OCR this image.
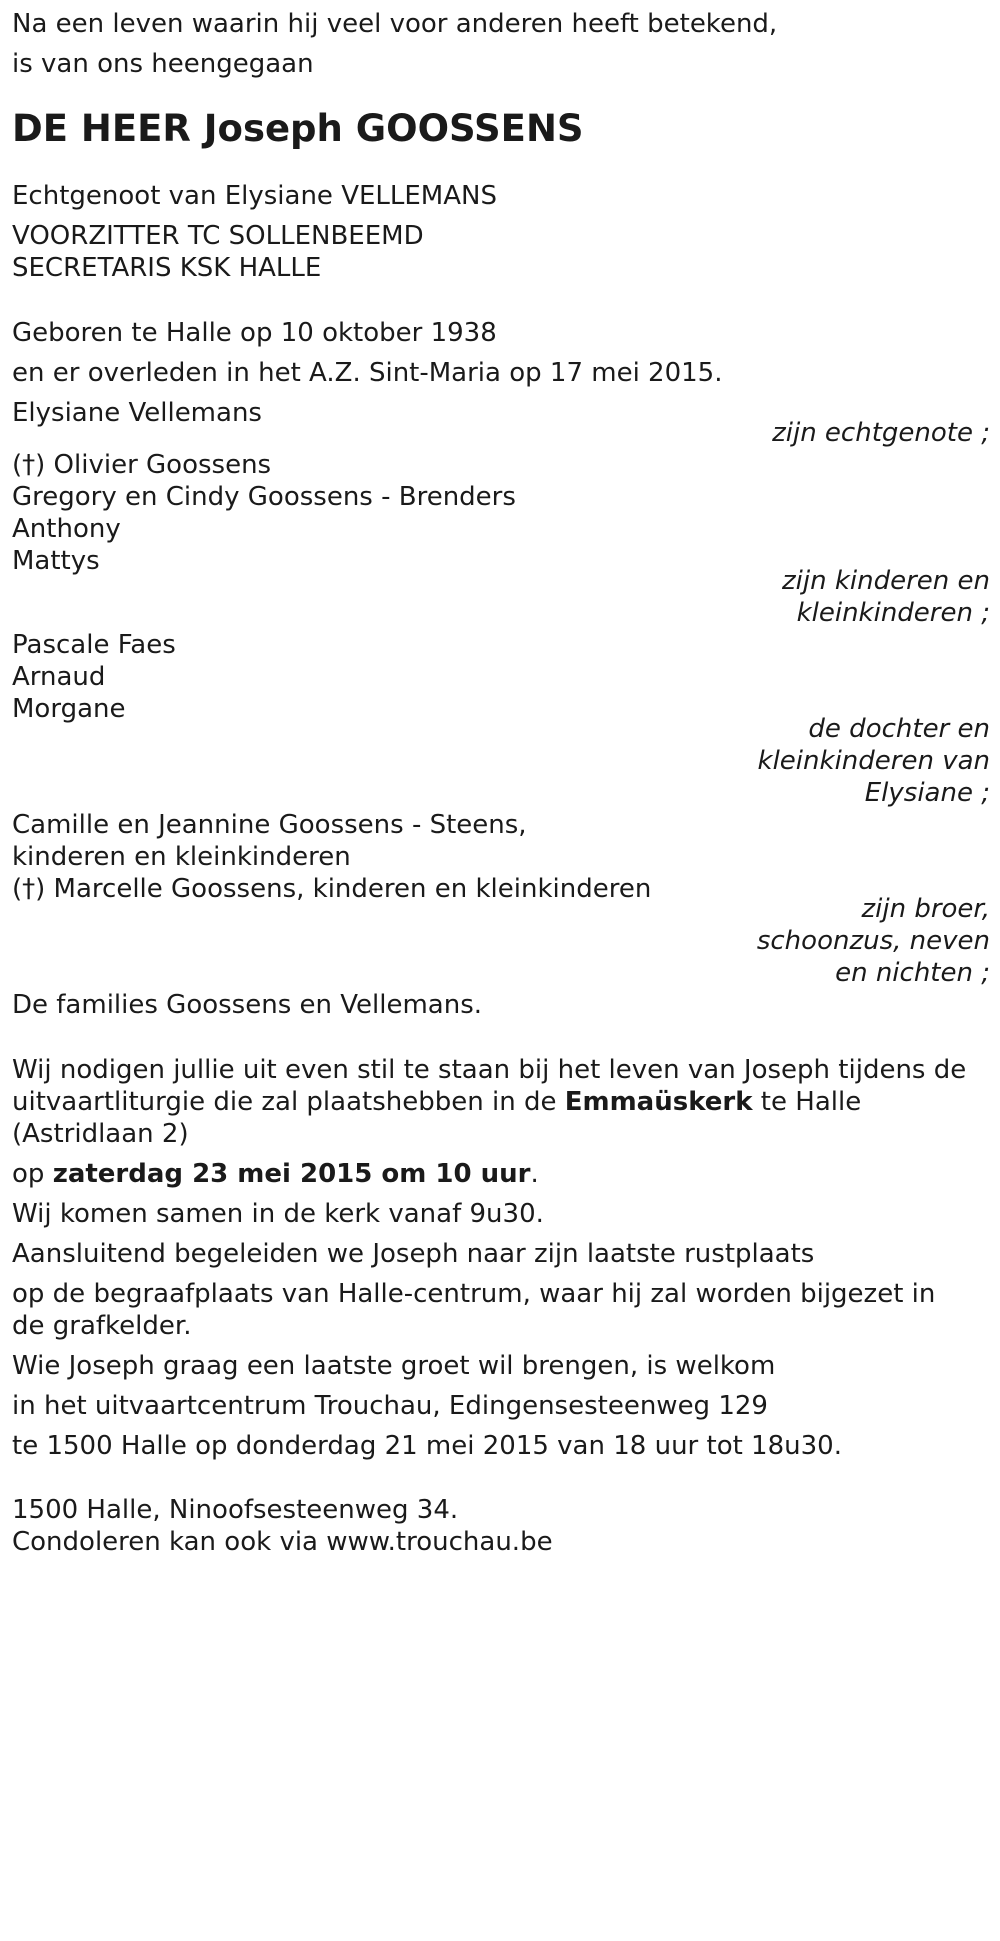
Na een leven waarin hij veel voor anderen heeft betekend,
is van ons heengegaan
DE HEER Joseph GOOSSENS
Echtgenoot van Elysiane VELLEMANS
VOORZITTER TC SOLLENBEEMD
SECRETARIS KSK HALLE
Geboren te Halle op 10 oktober 1938
en er overleden in het A.Z. Sint-Maria op 17 mei 2015.
Elysiane Vellemans
zijn echtgenote ;
(†) Olivier Goossens
Gregory en Cindy Goossens - Brenders
Anthony
Mattys
zijn kinderen en
kleinkinderen ;
Pascale Faes
Arnaud
Morgane
de dochter en
kleinkinderen van
Elysiane ;
Camille en Jeannine Goossens - Steens,
kinderen en kleinkinderen
(†) Marcelle Goossens, kinderen en kleinkinderen
zijn broer,
schoonzus, neven
en nichten ;
De families Goossens en Vellemans.
Wij nodigen jullie uit even stil te staan bij het leven van Joseph tijdens de
uitvaartliturgie die zal plaatshebben in de Emmaüskerk te Halle
(Astridlaan 2)
op zaterdag 23 mei 2015 om 10 uur.
Wij komen samen in de kerk vanaf 9u30.
Aansluitend begeleiden we Joseph naar zijn laatste rustplaats
op de begraafplaats van Halle-centrum, waar hij zal worden bijgezet in
de grafkelder.
Wie Joseph graag een laatste groet wil brengen, is welkom
in het uitvaartcentrum Trouchau, Edingensesteenweg 129
te 1500 Halle op donderdag 21 mei 2015 van 18 uur tot 18u30.
1500 Halle, Ninoofsesteenweg 34.
Condoleren kan ook via www.trouchau.be
